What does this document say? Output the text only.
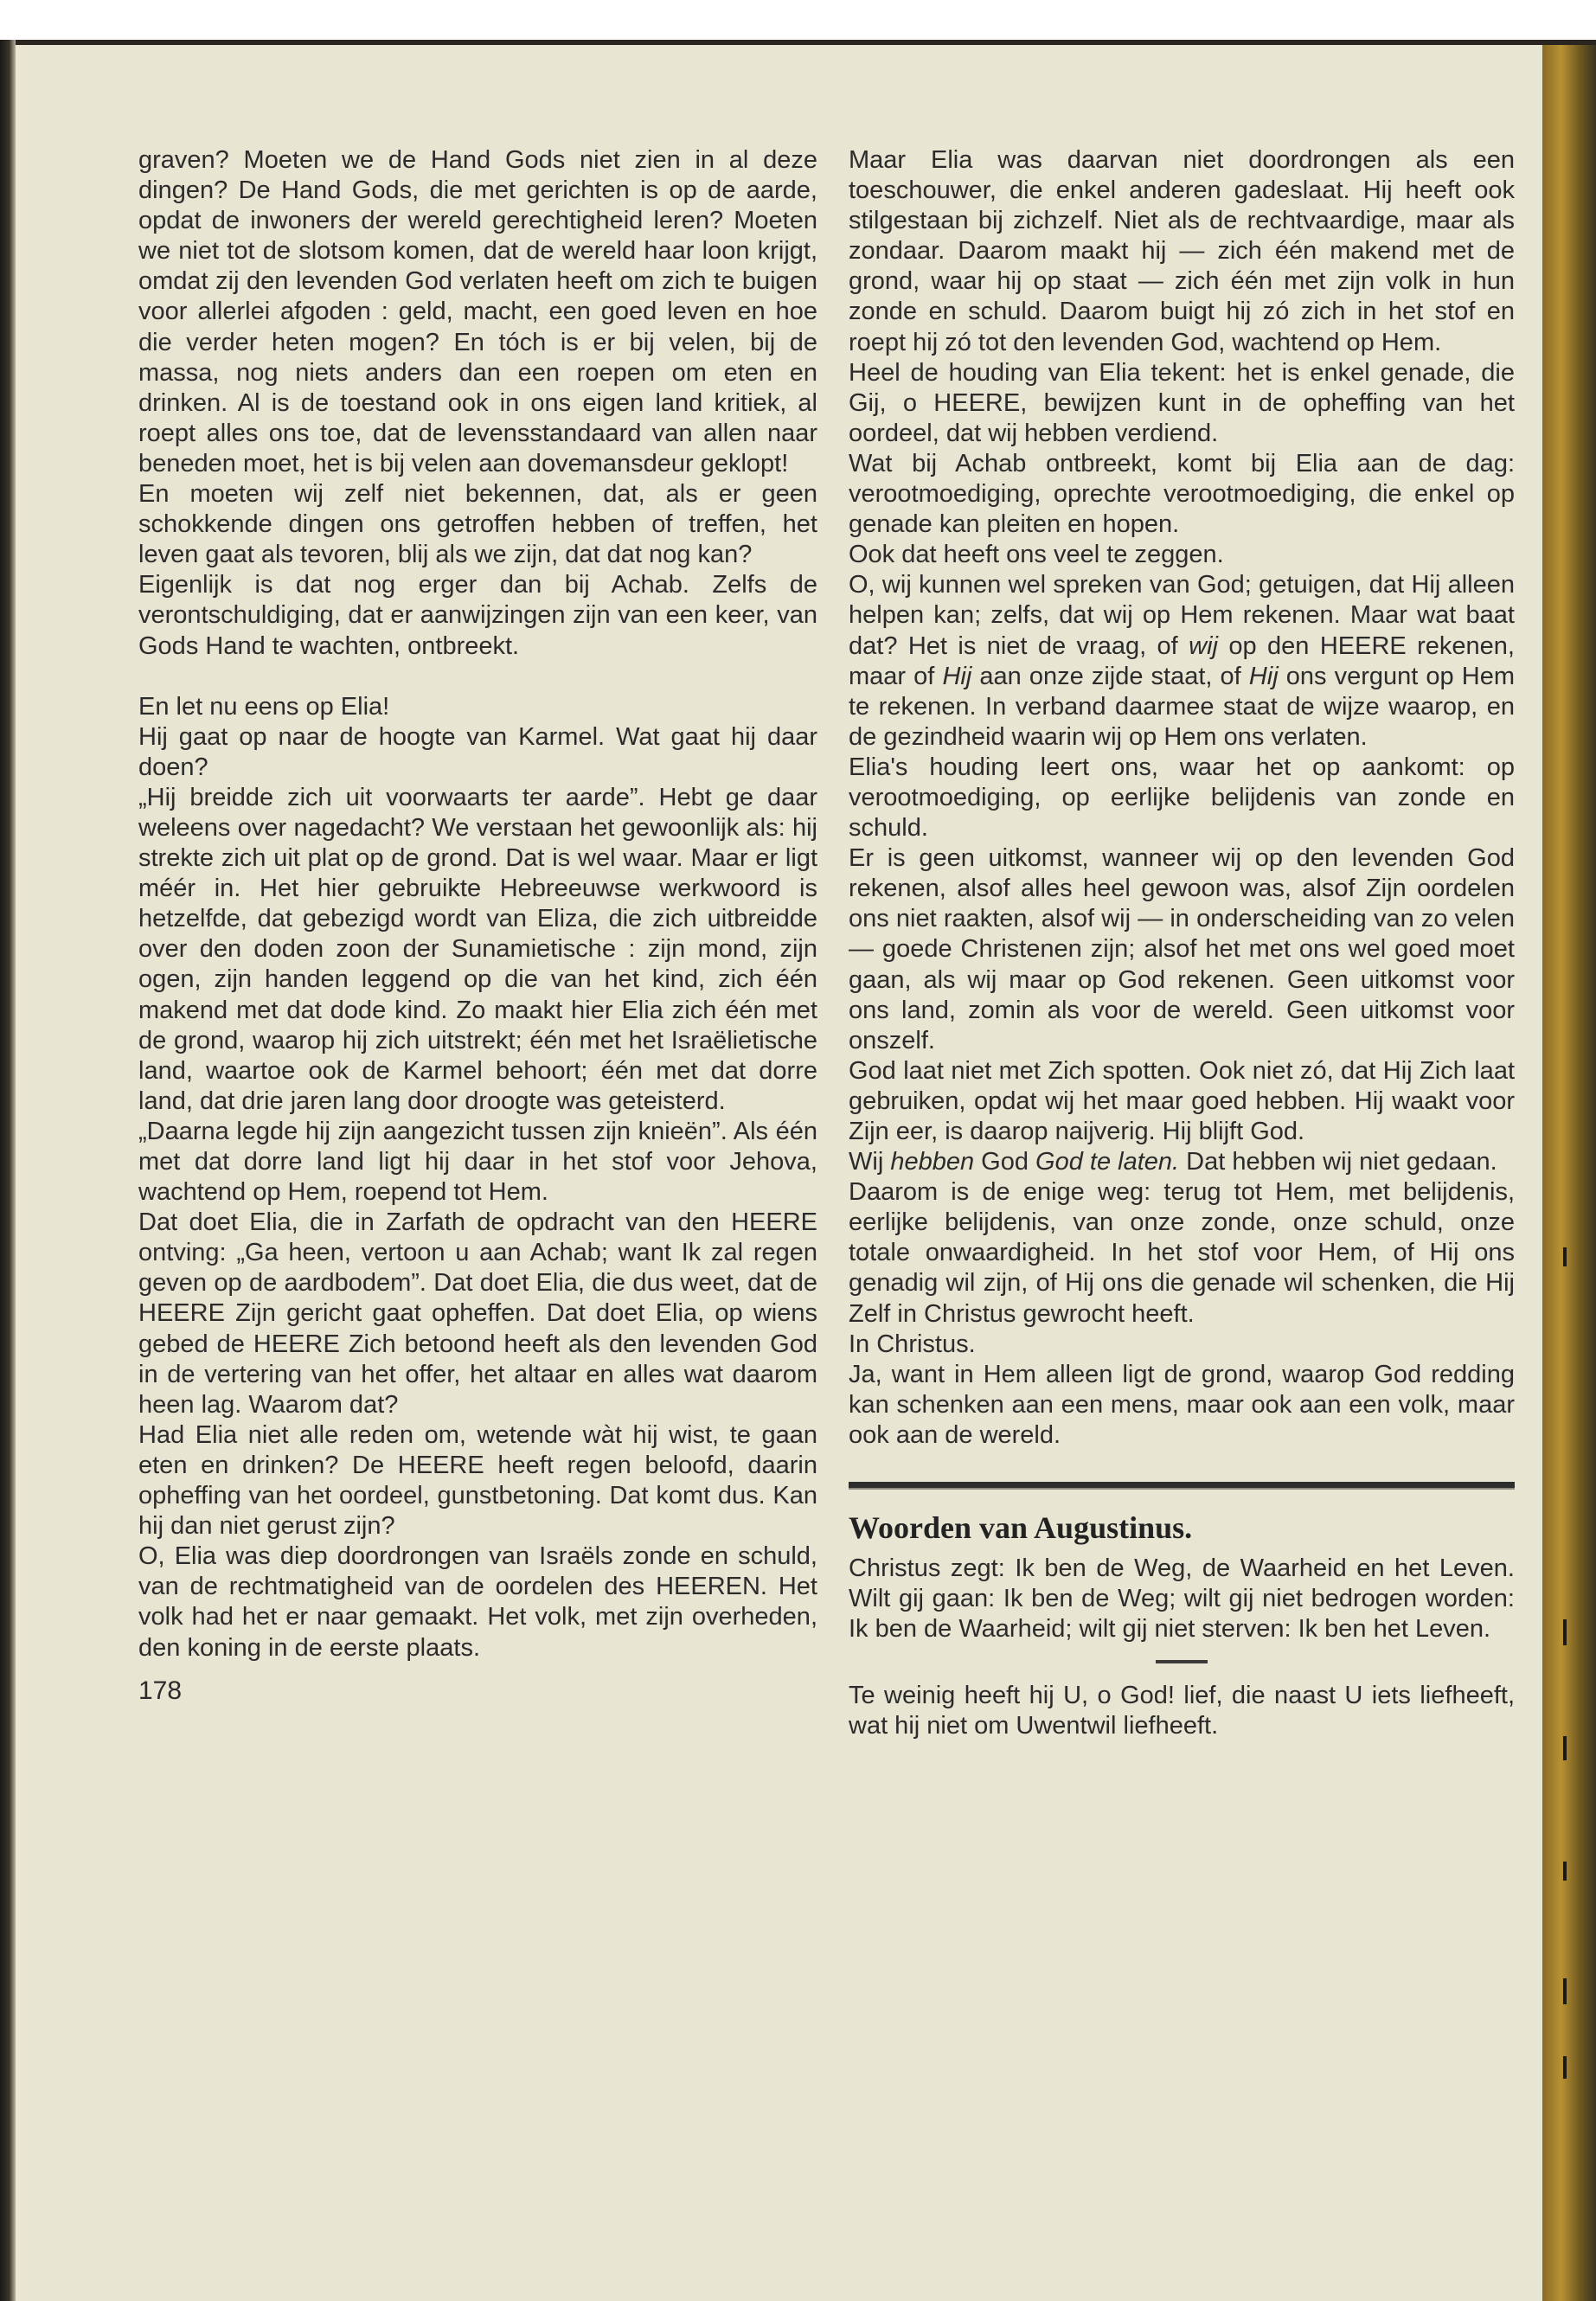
graven? Moeten we de Hand Gods niet zien in al deze dingen? De Hand Gods, die met gerichten is op de aarde, opdat de inwoners der wereld gerechtigheid leren? Moeten we niet tot de slotsom komen, dat de wereld haar loon krijgt, omdat zij den levenden God verlaten heeft om zich te buigen voor allerlei afgoden : geld, macht, een goed leven en hoe die verder heten mogen? En tóch is er bij velen, bij de massa, nog niets anders dan een roepen om eten en drinken. Al is de toestand ook in ons eigen land kritiek, al roept alles ons toe, dat de levensstandaard van allen naar beneden moet, het is bij velen aan dovemansdeur geklopt!

En moeten wij zelf niet bekennen, dat, als er geen schokkende dingen ons getroffen hebben of treffen, het leven gaat als tevoren, blij als we zijn, dat dat nog kan?

Eigenlijk is dat nog erger dan bij Achab. Zelfs de verontschuldiging, dat er aanwijzingen zijn van een keer, van Gods Hand te wachten, ontbreekt.

En let nu eens op Elia!

Hij gaat op naar de hoogte van Karmel. Wat gaat hij daar doen?

„Hij breidde zich uit voorwaarts ter aarde”. Hebt ge daar weleens over nagedacht? We verstaan het gewoonlijk als: hij strekte zich uit plat op de grond. Dat is wel waar. Maar er ligt méér in. Het hier gebruikte Hebreeuwse werkwoord is hetzelfde, dat gebezigd wordt van Eliza, die zich uitbreidde over den doden zoon der Sunamietische : zijn mond, zijn ogen, zijn handen leggend op die van het kind, zich één makend met dat dode kind. Zo maakt hier Elia zich één met de grond, waarop hij zich uitstrekt; één met het Israëlietische land, waartoe ook de Karmel behoort; één met dat dorre land, dat drie jaren lang door droogte was geteisterd.

„Daarna legde hij zijn aangezicht tussen zijn knieën”. Als één met dat dorre land ligt hij daar in het stof voor Jehova, wachtend op Hem, roepend tot Hem.

Dat doet Elia, die in Zarfath de opdracht van den HEERE ontving: „Ga heen, vertoon u aan Achab; want Ik zal regen geven op de aardbodem”. Dat doet Elia, die dus weet, dat de HEERE Zijn gericht gaat opheffen. Dat doet Elia, op wiens gebed de HEERE Zich betoond heeft als den levenden God in de vertering van het offer, het altaar en alles wat daarom heen lag. Waarom dat?

Had Elia niet alle reden om, wetende wàt hij wist, te gaan eten en drinken? De HEERE heeft regen beloofd, daarin opheffing van het oordeel, gunstbetoning. Dat komt dus. Kan hij dan niet gerust zijn?

O, Elia was diep doordrongen van Israëls zonde en schuld, van de rechtmatigheid van de oordelen des HEEREN. Het volk had het er naar gemaakt. Het volk, met zijn overheden, den koning in de eerste plaats.

178

Maar Elia was daarvan niet doordrongen als een toeschouwer, die enkel anderen gadeslaat. Hij heeft ook stilgestaan bij zichzelf. Niet als de rechtvaardige, maar als zondaar. Daarom maakt hij — zich één makend met de grond, waar hij op staat — zich één met zijn volk in hun zonde en schuld. Daarom buigt hij zó zich in het stof en roept hij zó tot den levenden God, wachtend op Hem.

Heel de houding van Elia tekent: het is enkel genade, die Gij, o HEERE, bewijzen kunt in de opheffing van het oordeel, dat wij hebben verdiend.

Wat bij Achab ontbreekt, komt bij Elia aan de dag: verootmoediging, oprechte verootmoediging, die enkel op genade kan pleiten en hopen.

Ook dat heeft ons veel te zeggen.

O, wij kunnen wel spreken van God; getuigen, dat Hij alleen helpen kan; zelfs, dat wij op Hem rekenen. Maar wat baat dat? Het is niet de vraag, of wij op den HEERE rekenen, maar of Hij aan onze zijde staat, of Hij ons vergunt op Hem te rekenen. In verband daarmee staat de wijze waarop, en de gezindheid waarin wij op Hem ons verlaten.

Elia's houding leert ons, waar het op aankomt: op verootmoediging, op eerlijke belijdenis van zonde en schuld.

Er is geen uitkomst, wanneer wij op den levenden God rekenen, alsof alles heel gewoon was, alsof Zijn oordelen ons niet raakten, alsof wij — in onderscheiding van zo velen — goede Christenen zijn; alsof het met ons wel goed moet gaan, als wij maar op God rekenen. Geen uitkomst voor ons land, zomin als voor de wereld. Geen uitkomst voor onszelf.

God laat niet met Zich spotten. Ook niet zó, dat Hij Zich laat gebruiken, opdat wij het maar goed hebben. Hij waakt voor Zijn eer, is daarop naijverig. Hij blijft God.

Wij hebben God God te laten. Dat hebben wij niet gedaan.

Daarom is de enige weg: terug tot Hem, met belijdenis, eerlijke belijdenis, van onze zonde, onze schuld, onze totale onwaardigheid. In het stof voor Hem, of Hij ons genadig wil zijn, of Hij ons die genade wil schenken, die Hij Zelf in Christus gewrocht heeft.

In Christus.

Ja, want in Hem alleen ligt de grond, waarop God redding kan schenken aan een mens, maar ook aan een volk, maar ook aan de wereld.

Woorden van Augustinus.

Christus zegt: Ik ben de Weg, de Waarheid en het Leven. Wilt gij gaan: Ik ben de Weg; wilt gij niet bedrogen worden: Ik ben de Waarheid; wilt gij niet sterven: Ik ben het Leven.

Te weinig heeft hij U, o God! lief, die naast U iets liefheeft, wat hij niet om Uwentwil liefheeft.
